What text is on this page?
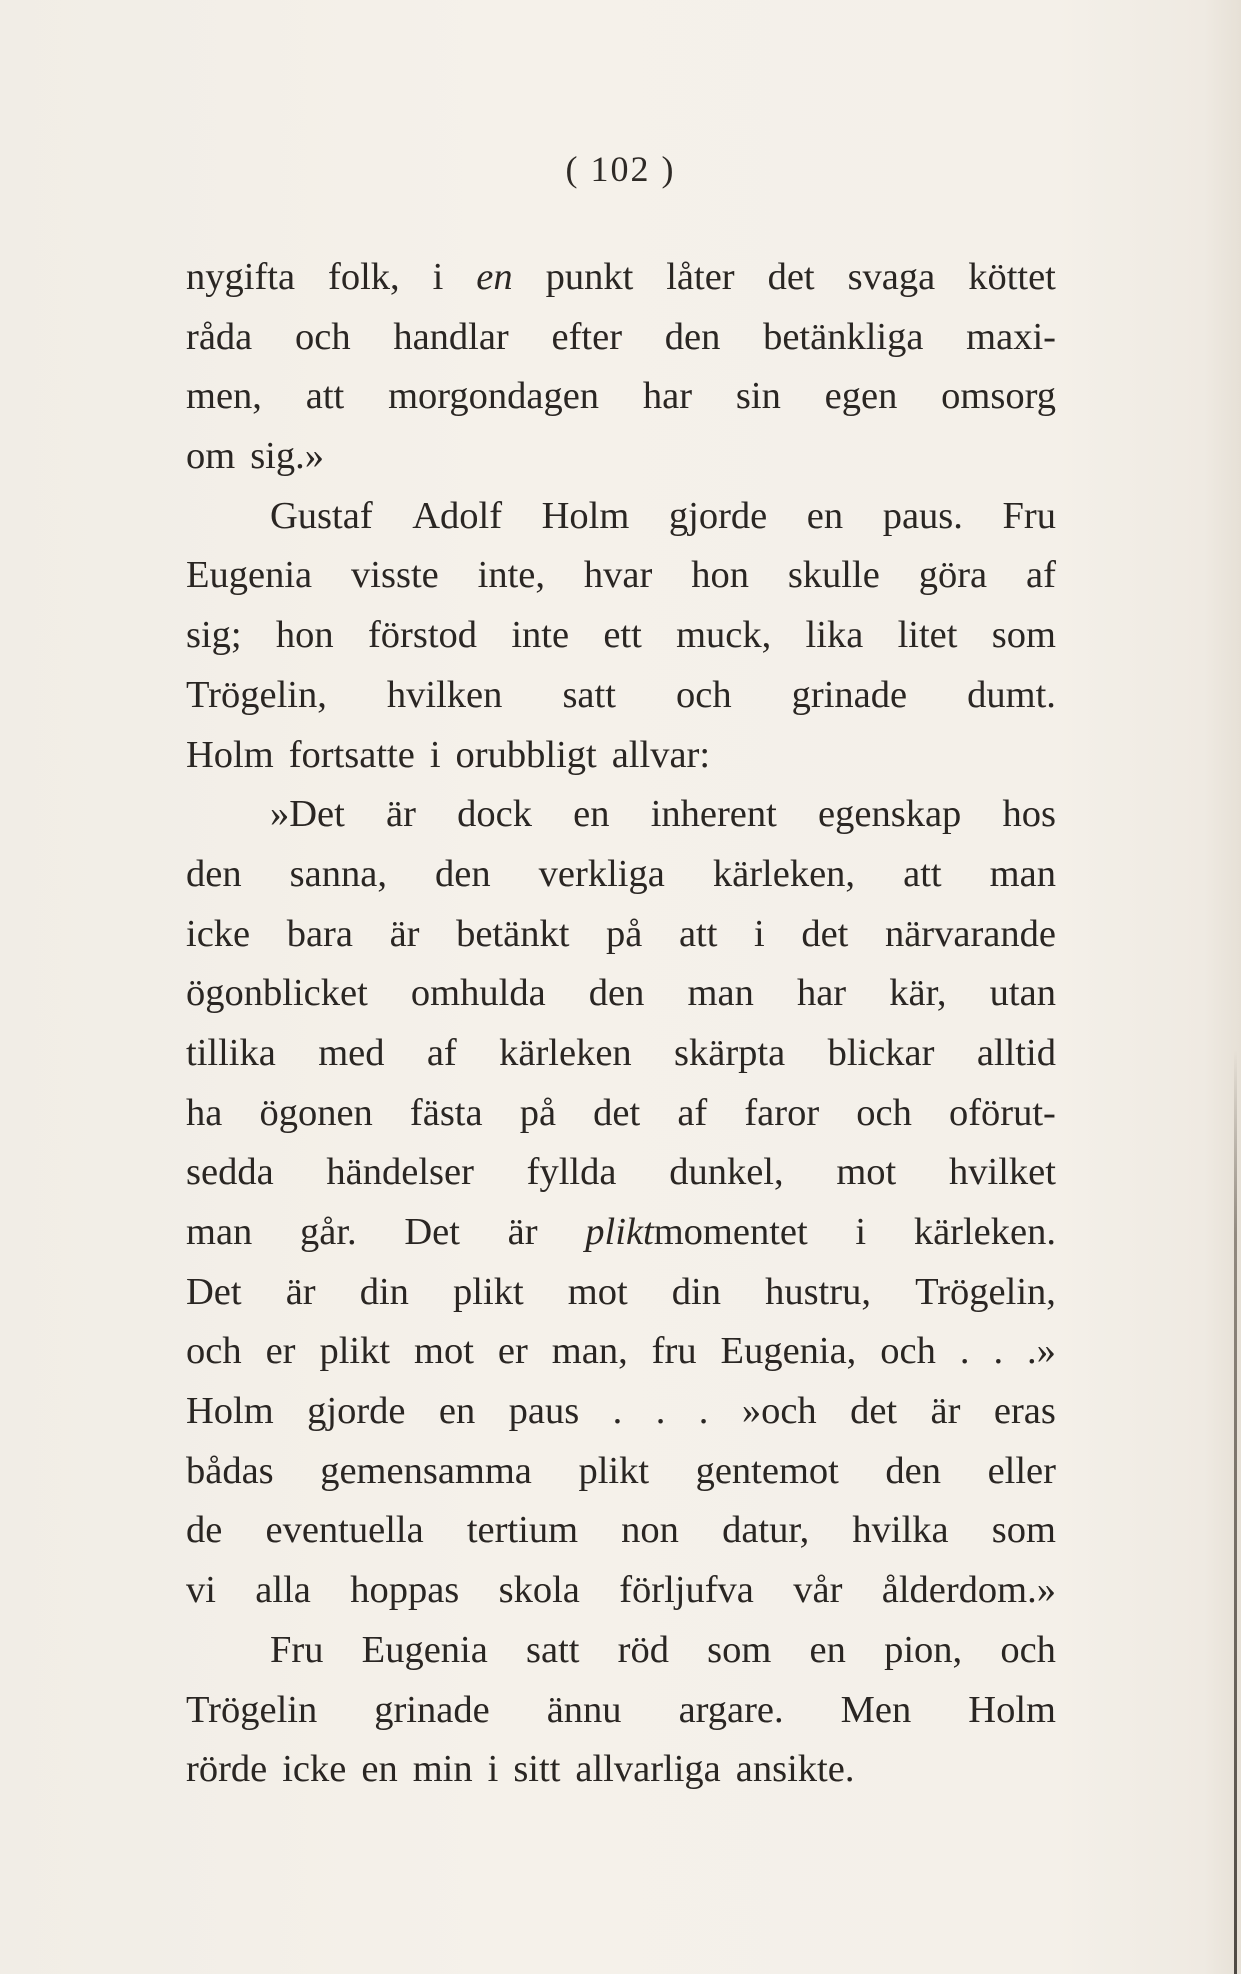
( 102 )
nygifta folk, i en punkt låter det svaga köttet
råda och handlar efter den betänkliga maxi-
men, att morgondagen har sin egen omsorg
om sig.»
Gustaf Adolf Holm gjorde en paus. Fru
Eugenia visste inte, hvar hon skulle göra af
sig; hon förstod inte ett muck, lika litet som
Trögelin, hvilken satt och grinade dumt.
Holm fortsatte i orubbligt allvar:
»Det är dock en inherent egenskap hos
den sanna, den verkliga kärleken, att man
icke bara är betänkt på att i det närvarande
ögonblicket omhulda den man har kär, utan
tillika med af kärleken skärpta blickar alltid
ha ögonen fästa på det af faror och oförut-
sedda händelser fyllda dunkel, mot hvilket
man går. Det är pliktmomentet i kärleken.
Det är din plikt mot din hustru, Trögelin,
och er plikt mot er man, fru Eugenia, och . . .»
Holm gjorde en paus . . . »och det är eras
bådas gemensamma plikt gentemot den eller
de eventuella tertium non datur, hvilka som
vi alla hoppas skola förljufva vår ålderdom.»
Fru Eugenia satt röd som en pion, och
Trögelin grinade ännu argare. Men Holm
rörde icke en min i sitt allvarliga ansikte.
